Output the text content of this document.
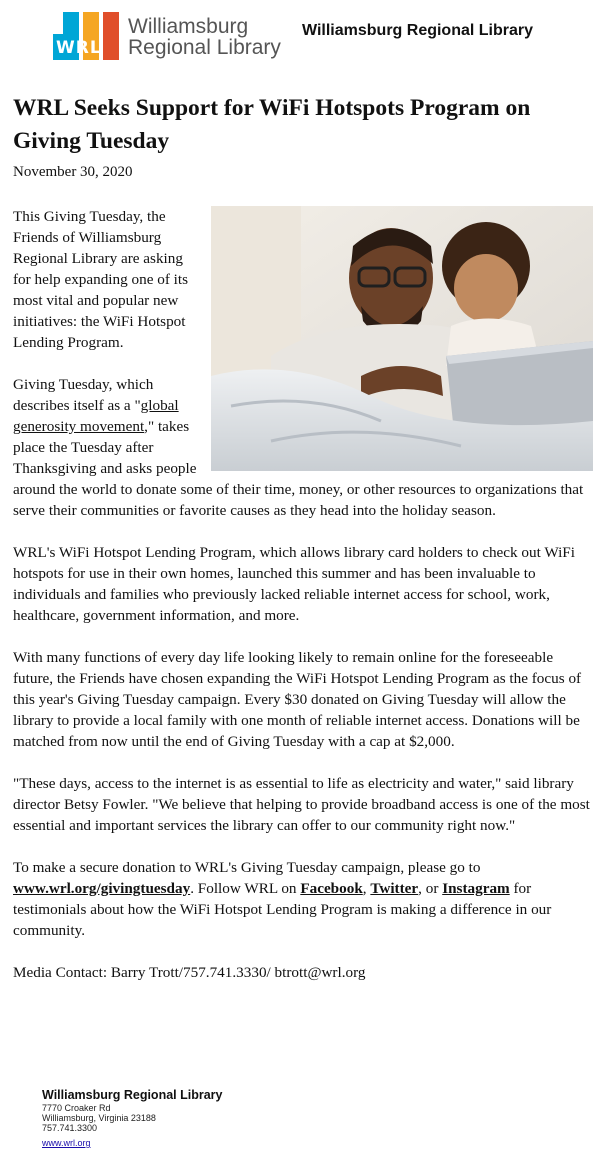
WRL
Williamsburg
Regional Library
Williamsburg Regional Library
WRL Seeks Support for WiFi Hotspots Program on Giving Tuesday
November 30, 2020

This Giving Tuesday, the Friends of Williamsburg Regional Library are asking for help expanding one of its most vital and popular new initiatives: the WiFi Hotspot Lending Program.

Giving Tuesday, which describes itself as a "global generosity movement," takes place the Tuesday after Thanksgiving and asks people around the world to donate some of their time, money, or other resources to organizations that serve their communities or favorite causes as they head into the holiday season.

WRL's WiFi Hotspot Lending Program, which allows library card holders to check out WiFi hotspots for use in their own homes, launched this summer and has been invaluable to individuals and families who previously lacked reliable internet access for school, work, healthcare, government information, and more.

With many functions of every day life looking likely to remain online for the foreseeable future, the Friends have chosen expanding the WiFi Hotspot Lending Program as the focus of this year's Giving Tuesday campaign. Every $30 donated on Giving Tuesday will allow the library to provide a local family with one month of reliable internet access. Donations will be matched from now until the end of Giving Tuesday with a cap at $2,000.

"These days, access to the internet is as essential to life as electricity and water," said library director Betsy Fowler. "We believe that helping to provide broadband access is one of the most essential and important services the library can offer to our community right now."

To make a secure donation to WRL's Giving Tuesday campaign, please go to www.wrl.org/givingtuesday. Follow WRL on Facebook, Twitter, or Instagram for testimonials about how the WiFi Hotspot Lending Program is making a difference in our community.

Media Contact: Barry Trott/757.741.3330/ btrott@wrl.org

Williamsburg Regional Library
7770 Croaker Rd
Williamsburg, Virginia 23188
757.741.3300
www.wrl.org
